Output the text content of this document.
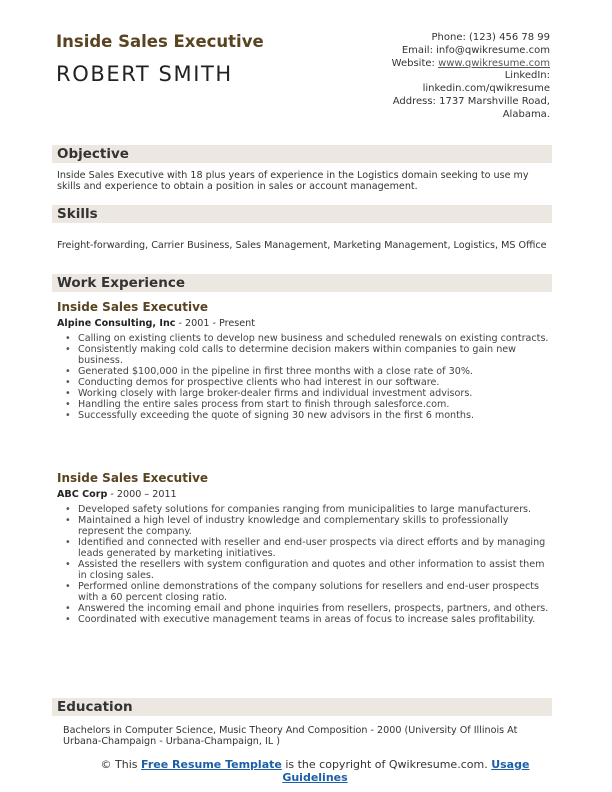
Inside Sales Executive
ROBERT SMITH
Phone: (123) 456 78 99
Email: info@qwikresume.com
Website: www.qwikresume.com
LinkedIn:
linkedin.com/qwikresume
Address: 1737 Marshville Road,
Alabama.
Objective
Inside Sales Executive with 18 plus years of experience in the Logistics domain seeking to use my skills and experience to obtain a position in sales or account management.
Skills
Freight-forwarding, Carrier Business, Sales Management, Marketing Management, Logistics, MS Office
Work Experience
Inside Sales Executive
Alpine Consulting, Inc - 2001 - Present
• Calling on existing clients to develop new business and scheduled renewals on existing contracts.
• Consistently making cold calls to determine decision makers within companies to gain new business.
• Generated $100,000 in the pipeline in first three months with a close rate of 30%.
• Conducting demos for prospective clients who had interest in our software.
• Working closely with large broker-dealer firms and individual investment advisors.
• Handling the entire sales process from start to finish through salesforce.com.
• Successfully exceeding the quote of signing 30 new advisors in the first 6 months.
Inside Sales Executive
ABC Corp - 2000 – 2011
• Developed safety solutions for companies ranging from municipalities to large manufacturers.
• Maintained a high level of industry knowledge and complementary skills to professionally represent the company.
• Identified and connected with reseller and end-user prospects via direct efforts and by managing leads generated by marketing initiatives.
• Assisted the resellers with system configuration and quotes and other information to assist them in closing sales.
• Performed online demonstrations of the company solutions for resellers and end-user prospects with a 60 percent closing ratio.
• Answered the incoming email and phone inquiries from resellers, prospects, partners, and others.
• Coordinated with executive management teams in areas of focus to increase sales profitability.
Education
Bachelors in Computer Science, Music Theory And Composition - 2000 (University Of Illinois At Urbana-Champaign - Urbana-Champaign, IL )
© This Free Resume Template is the copyright of Qwikresume.com. Usage Guidelines
